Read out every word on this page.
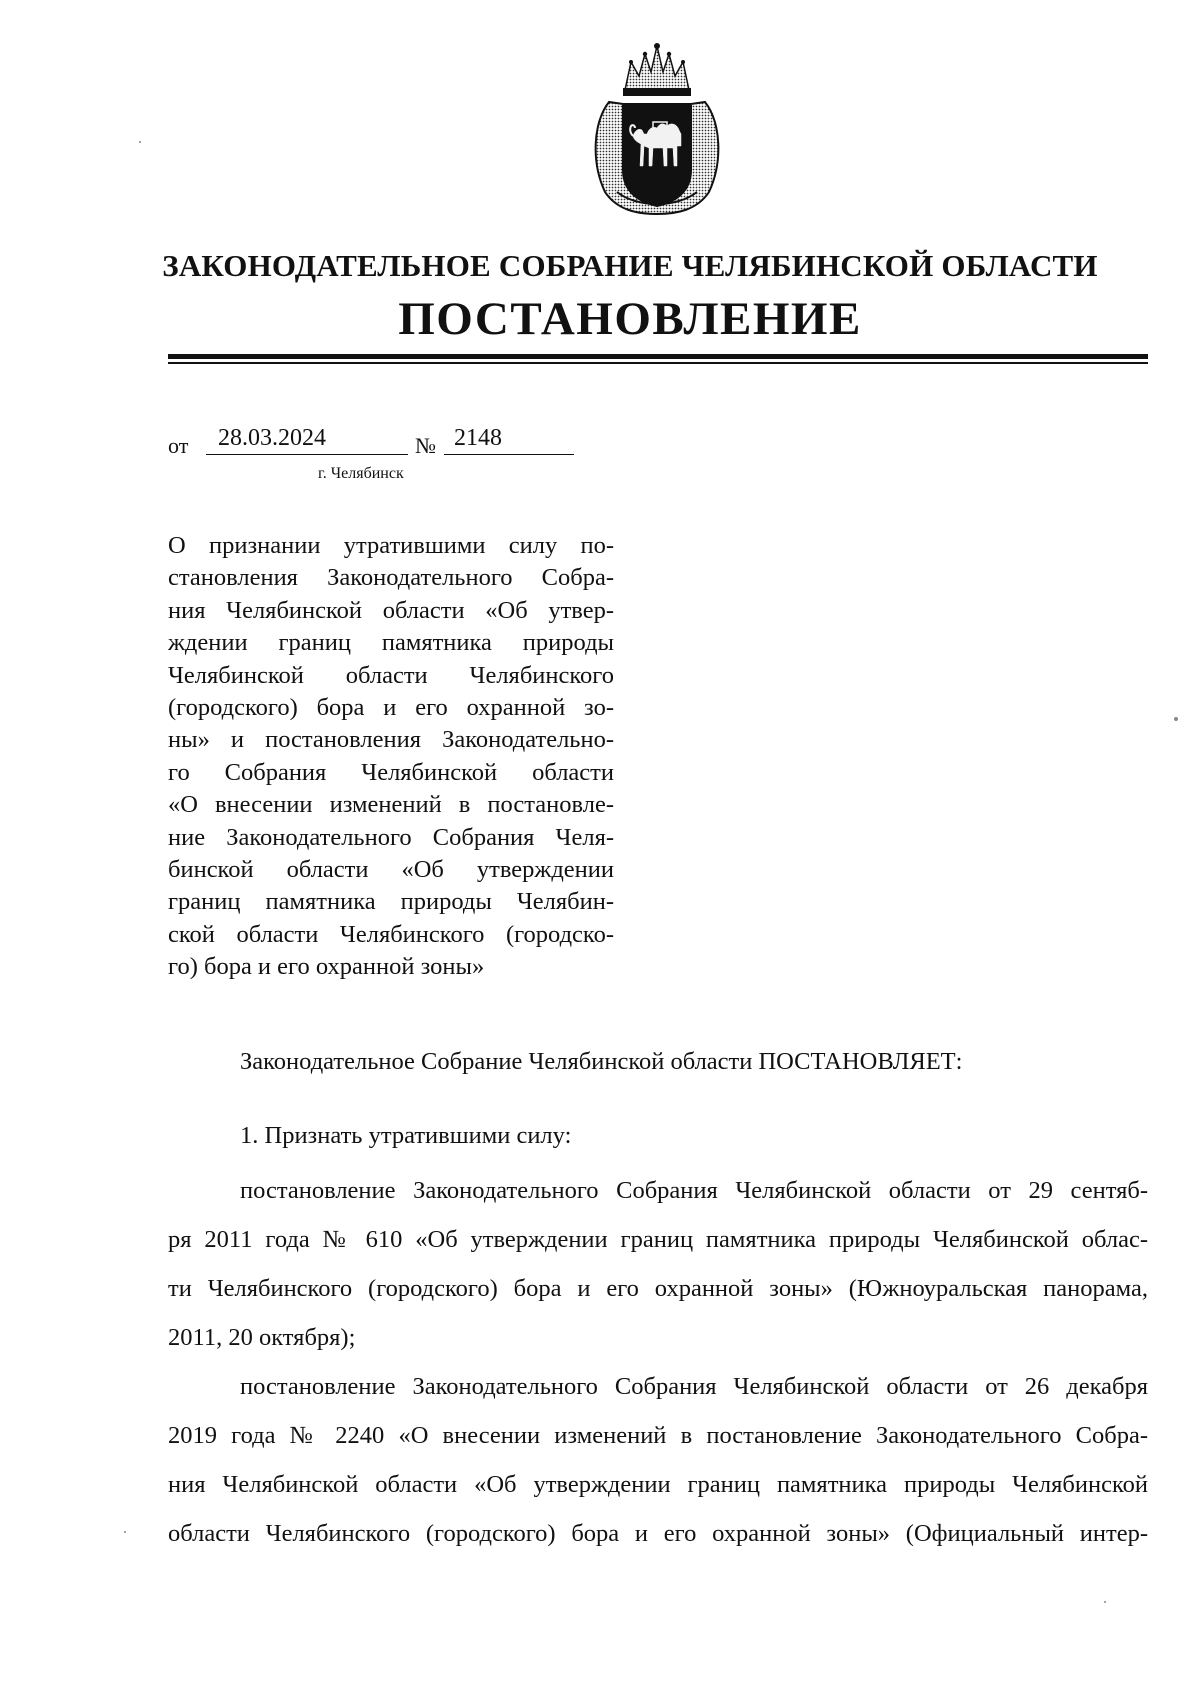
ЗАКОНОДАТЕЛЬНОЕ СОБРАНИЕ ЧЕЛЯБИНСКОЙ ОБЛАСТИ
ПОСТАНОВЛЕНИЕ
от	28.03.2024	№ 2148
г. Челябинск
О признании утратившими силу по-
становления Законодательного Собра-
ния Челябинской области «Об утвер-
ждении границ памятника природы
Челябинской области Челябинского
(городского) бора и его охранной зо-
ны» и постановления Законодательно-
го Собрания Челябинской области
«О внесении изменений в постановле-
ние Законодательного Собрания Челя-
бинской области «Об утверждении
границ памятника природы Челябин-
ской области Челябинского (городско-
го) бора и его охранной зоны»
Законодательное Собрание Челябинской области ПОСТАНОВЛЯЕТ:
1. Признать утратившими силу:
постановление Законодательного Собрания Челябинской области от 29 сентяб-
ря 2011 года № 610 «Об утверждении границ памятника природы Челябинской облас-
ти Челябинского (городского) бора и его охранной зоны» (Южноуральская панорама,
2011, 20 октября);
постановление Законодательного Собрания Челябинской области от 26 декабря
2019 года № 2240 «О внесении изменений в постановление Законодательного Собра-
ния Челябинской области «Об утверждении границ памятника природы Челябинской
области Челябинского (городского) бора и его охранной зоны» (Официальный интер-
